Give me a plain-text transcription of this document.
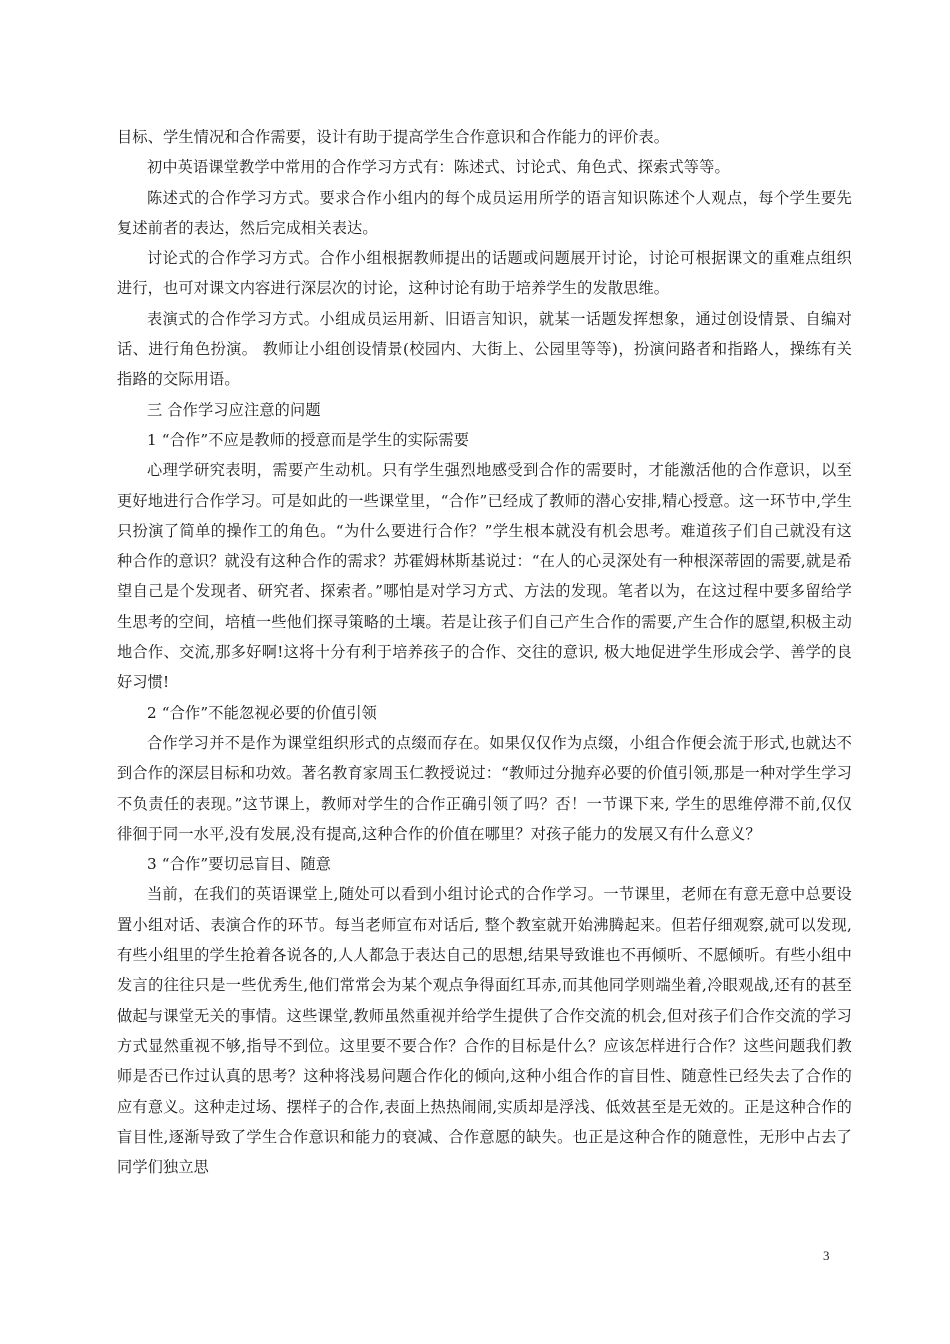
目标、学生情况和合作需要，设计有助于提高学生合作意识和合作能力的评价表。

初中英语课堂教学中常用的合作学习方式有：陈述式、讨论式、角色式、探索式等等。

陈述式的合作学习方式。要求合作小组内的每个成员运用所学的语言知识陈述个人观点，每个学生要先复述前者的表达，然后完成相关表达。

讨论式的合作学习方式。合作小组根据教师提出的话题或问题展开讨论，讨论可根据课文的重难点组织进行，也可对课文内容进行深层次的讨论，这种讨论有助于培养学生的发散思维。

表演式的合作学习方式。小组成员运用新、旧语言知识，就某一话题发挥想象，通过创设情景、自编对话、进行角色扮演。 教师让小组创设情景(校园内、大街上、公园里等等)，扮演问路者和指路人，操练有关指路的交际用语。

三 合作学习应注意的问题

1 “合作”不应是教师的授意而是学生的实际需要

心理学研究表明，需要产生动机。只有学生强烈地感受到合作的需要时，才能激活他的合作意识，以至更好地进行合作学习。可是如此的一些课堂里，“合作”已经成了教师的潜心安排,精心授意。这一环节中,学生只扮演了简单的操作工的角色。“为什么要进行合作？”学生根本就没有机会思考。难道孩子们自己就没有这种合作的意识？就没有这种合作的需求？苏霍姆林斯基说过：“在人的心灵深处有一种根深蒂固的需要,就是希望自己是个发现者、研究者、探索者。”哪怕是对学习方式、方法的发现。笔者以为，在这过程中要多留给学生思考的空间，培植一些他们探寻策略的土壤。若是让孩子们自己产生合作的需要,产生合作的愿望,积极主动地合作、交流,那多好啊!这将十分有利于培养孩子的合作、交往的意识, 极大地促进学生形成会学、善学的良好习惯!

2 “合作”不能忽视必要的价值引领

合作学习并不是作为课堂组织形式的点缀而存在。如果仅仅作为点缀，小组合作便会流于形式,也就达不到合作的深层目标和功效。著名教育家周玉仁教授说过：“教师过分抛弃必要的价值引领,那是一种对学生学习不负责任的表现。”这节课上，教师对学生的合作正确引领了吗？否！一节课下来, 学生的思维停滞不前,仅仅徘徊于同一水平,没有发展,没有提高,这种合作的价值在哪里？对孩子能力的发展又有什么意义？

3 “合作”要切忌盲目、随意

当前，在我们的英语课堂上,随处可以看到小组讨论式的合作学习。一节课里，老师在有意无意中总要设置小组对话、表演合作的环节。每当老师宣布对话后, 整个教室就开始沸腾起来。但若仔细观察,就可以发现,有些小组里的学生抢着各说各的,人人都急于表达自己的思想,结果导致谁也不再倾听、不愿倾听。有些小组中发言的往往只是一些优秀生,他们常常会为某个观点争得面红耳赤,而其他同学则端坐着,冷眼观战,还有的甚至做起与课堂无关的事情。这些课堂,教师虽然重视并给学生提供了合作交流的机会,但对孩子们合作交流的学习方式显然重视不够,指导不到位。这里要不要合作？合作的目标是什么？应该怎样进行合作？这些问题我们教师是否已作过认真的思考？这种将浅易问题合作化的倾向,这种小组合作的盲目性、随意性已经失去了合作的应有意义。这种走过场、摆样子的合作,表面上热热闹闹,实质却是浮浅、低效甚至是无效的。正是这种合作的盲目性,逐渐导致了学生合作意识和能力的衰减、合作意愿的缺失。也正是这种合作的随意性，无形中占去了同学们独立思

3
